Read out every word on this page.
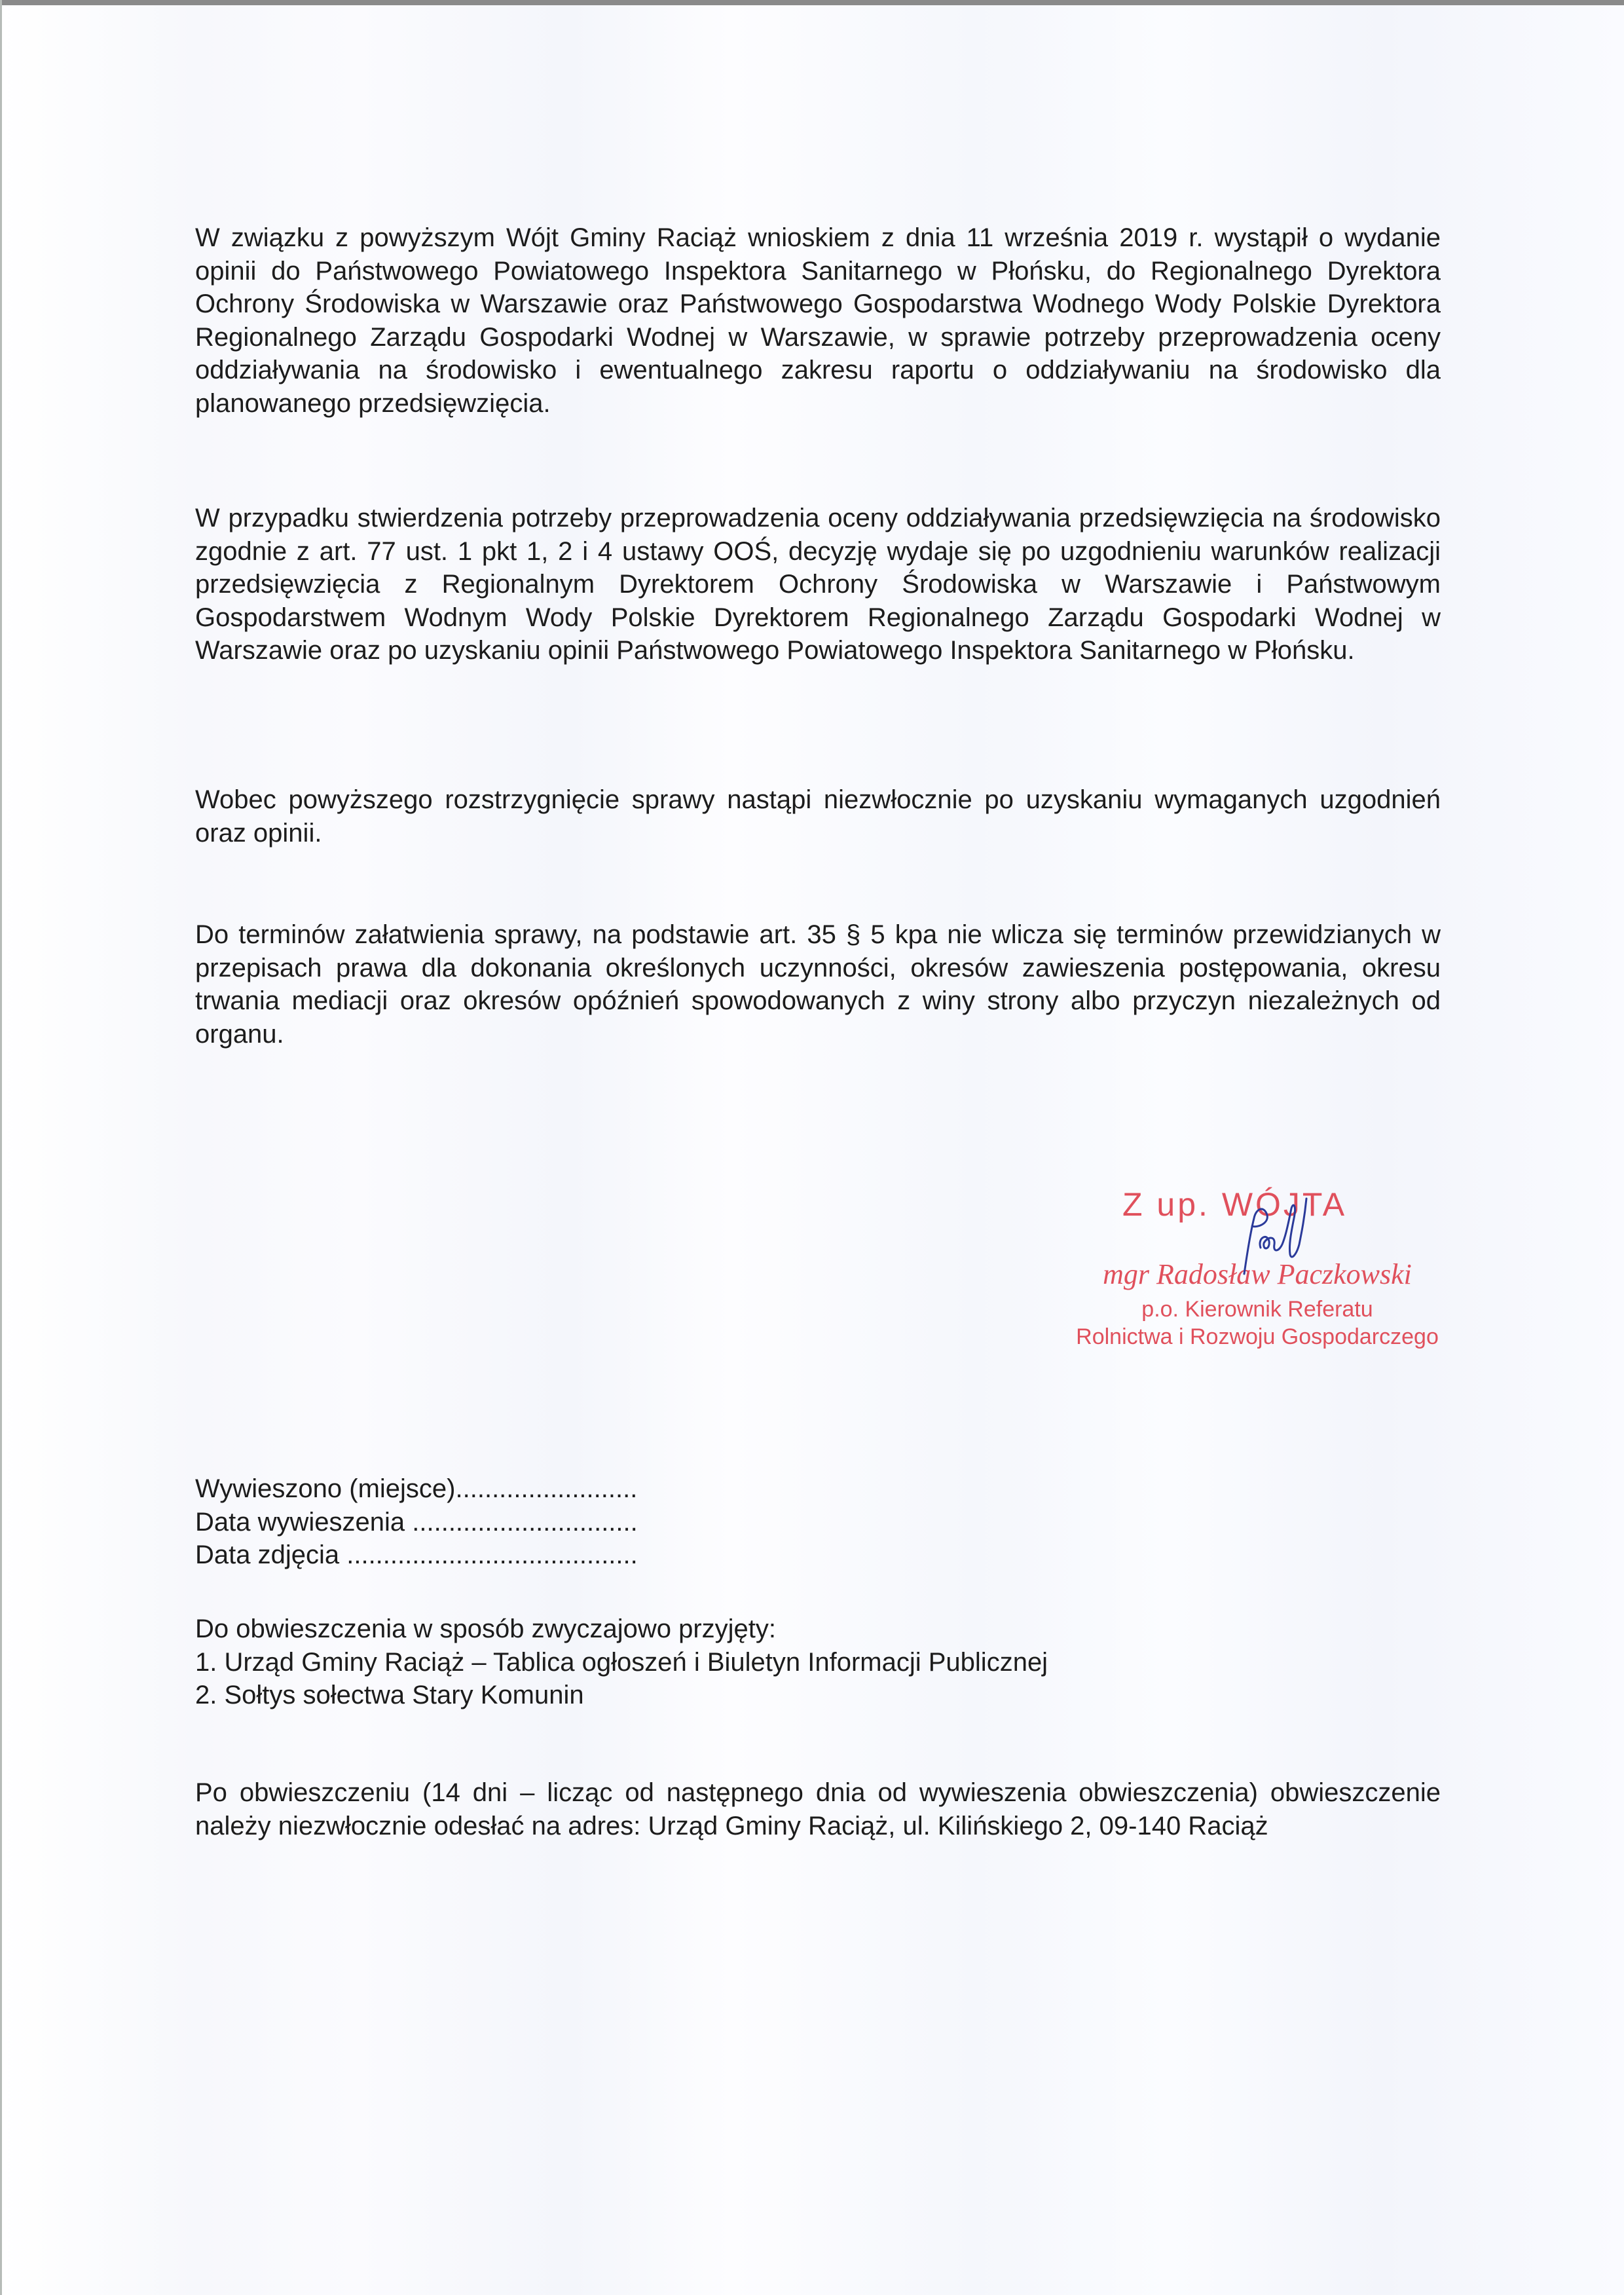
W związku z powyższym Wójt Gminy Raciąż wnioskiem z dnia 11 września 2019 r. wystąpił o wydanie opinii do Państwowego Powiatowego Inspektora Sanitarnego w Płońsku, do Regionalnego Dyrektora Ochrony Środowiska w Warszawie oraz Państwowego Gospodarstwa Wodnego Wody Polskie Dyrektora Regionalnego Zarządu Gospodarki Wodnej w Warszawie, w sprawie potrzeby przeprowadzenia oceny oddziaływania na środowisko i ewentualnego zakresu raportu o oddziaływaniu na środowisko dla planowanego przedsięwzięcia.

W przypadku stwierdzenia potrzeby przeprowadzenia oceny oddziaływania przedsięwzięcia na środowisko zgodnie z art. 77 ust. 1 pkt 1, 2 i 4 ustawy OOŚ, decyzję wydaje się po uzgodnieniu warunków realizacji przedsięwzięcia z Regionalnym Dyrektorem Ochrony Środowiska w Warszawie i Państwowym Gospodarstwem Wodnym Wody Polskie Dyrektorem Regionalnego Zarządu Gospodarki Wodnej w Warszawie oraz po uzyskaniu opinii Państwowego Powiatowego Inspektora Sanitarnego w Płońsku.

Wobec powyższego rozstrzygnięcie sprawy nastąpi niezwłocznie po uzyskaniu wymaganych uzgodnień oraz opinii.

Do terminów załatwienia sprawy, na podstawie art. 35 § 5 kpa nie wlicza się terminów przewidzianych w przepisach prawa dla dokonania określonych uczynności, okresów zawieszenia postępowania, okresu trwania mediacji oraz okresów opóźnień spowodowanych z winy strony albo przyczyn niezależnych od organu.

Z up. WÓJTA
mgr Radosław Paczkowski
p.o. Kierownik Referatu
Rolnictwa i Rozwoju Gospodarczego
Wywieszono (miejsce).........................
Data wywieszenia ...............................
Data zdjęcia ........................................
Do obwieszczenia w sposób zwyczajowo przyjęty:
1. Urząd Gminy Raciąż – Tablica ogłoszeń i Biuletyn Informacji Publicznej
2. Sołtys sołectwa Stary Komunin

Po obwieszczeniu (14 dni – licząc od następnego dnia od wywieszenia obwieszczenia) obwieszczenie należy niezwłocznie odesłać na adres: Urząd Gminy Raciąż, ul. Kilińskiego 2, 09-140 Raciąż
